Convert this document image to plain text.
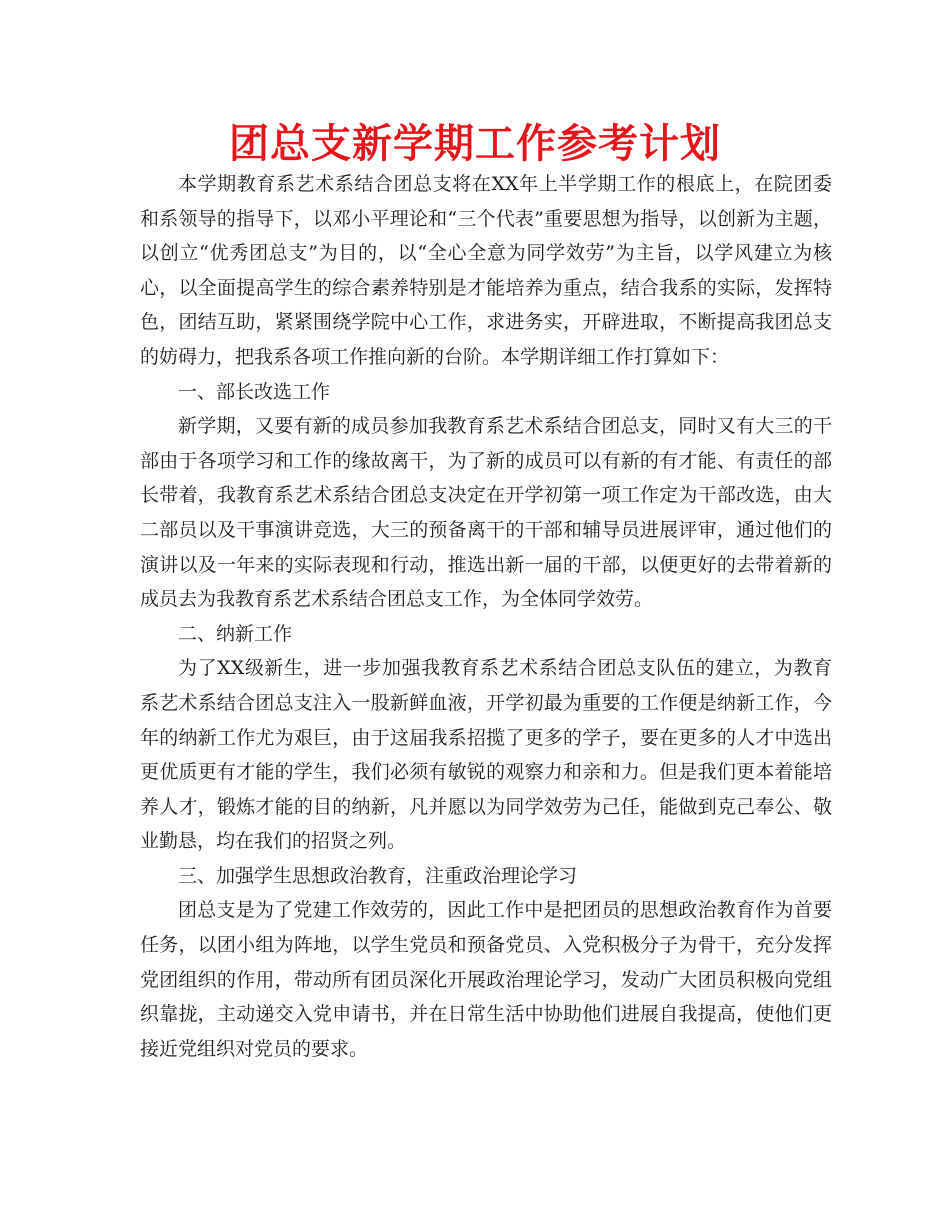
团总支新学期工作参考计划

本学期教育系艺术系结合团总支将在XX年上半学期工作的根底上，在院团委和系领导的指导下，以邓小平理论和“三个代表”重要思想为指导，以创新为主题，以创立“优秀团总支”为目的，以“全心全意为同学效劳”为主旨，以学风建立为核心，以全面提高学生的综合素养特别是才能培养为重点，结合我系的实际，发挥特色，团结互助，紧紧围绕学院中心工作，求进务实，开辟进取，不断提高我团总支的妨碍力，把我系各项工作推向新的台阶。本学期详细工作打算如下：

一、部长改选工作

新学期，又要有新的成员参加我教育系艺术系结合团总支，同时又有大三的干部由于各项学习和工作的缘故离干，为了新的成员可以有新的有才能、有责任的部长带着，我教育系艺术系结合团总支决定在开学初第一项工作定为干部改选，由大二部员以及干事演讲竞选，大三的预备离干的干部和辅导员进展评审，通过他们的演讲以及一年来的实际表现和行动，推选出新一届的干部，以便更好的去带着新的成员去为我教育系艺术系结合团总支工作，为全体同学效劳。

二、纳新工作

为了XX级新生，进一步加强我教育系艺术系结合团总支队伍的建立，为教育系艺术系结合团总支注入一股新鲜血液，开学初最为重要的工作便是纳新工作，今年的纳新工作尤为艰巨，由于这届我系招揽了更多的学子，要在更多的人才中选出更优质更有才能的学生，我们必须有敏锐的观察力和亲和力。但是我们更本着能培养人才，锻炼才能的目的纳新，凡并愿以为同学效劳为己任，能做到克己奉公、敬业勤恳，均在我们的招贤之列。

三、加强学生思想政治教育，注重政治理论学习

团总支是为了党建工作效劳的，因此工作中是把团员的思想政治教育作为首要任务，以团小组为阵地，以学生党员和预备党员、入党积极分子为骨干，充分发挥党团组织的作用，带动所有团员深化开展政治理论学习，发动广大团员积极向党组织靠拢，主动递交入党申请书，并在日常生活中协助他们进展自我提高，使他们更接近党组织对党员的要求。
